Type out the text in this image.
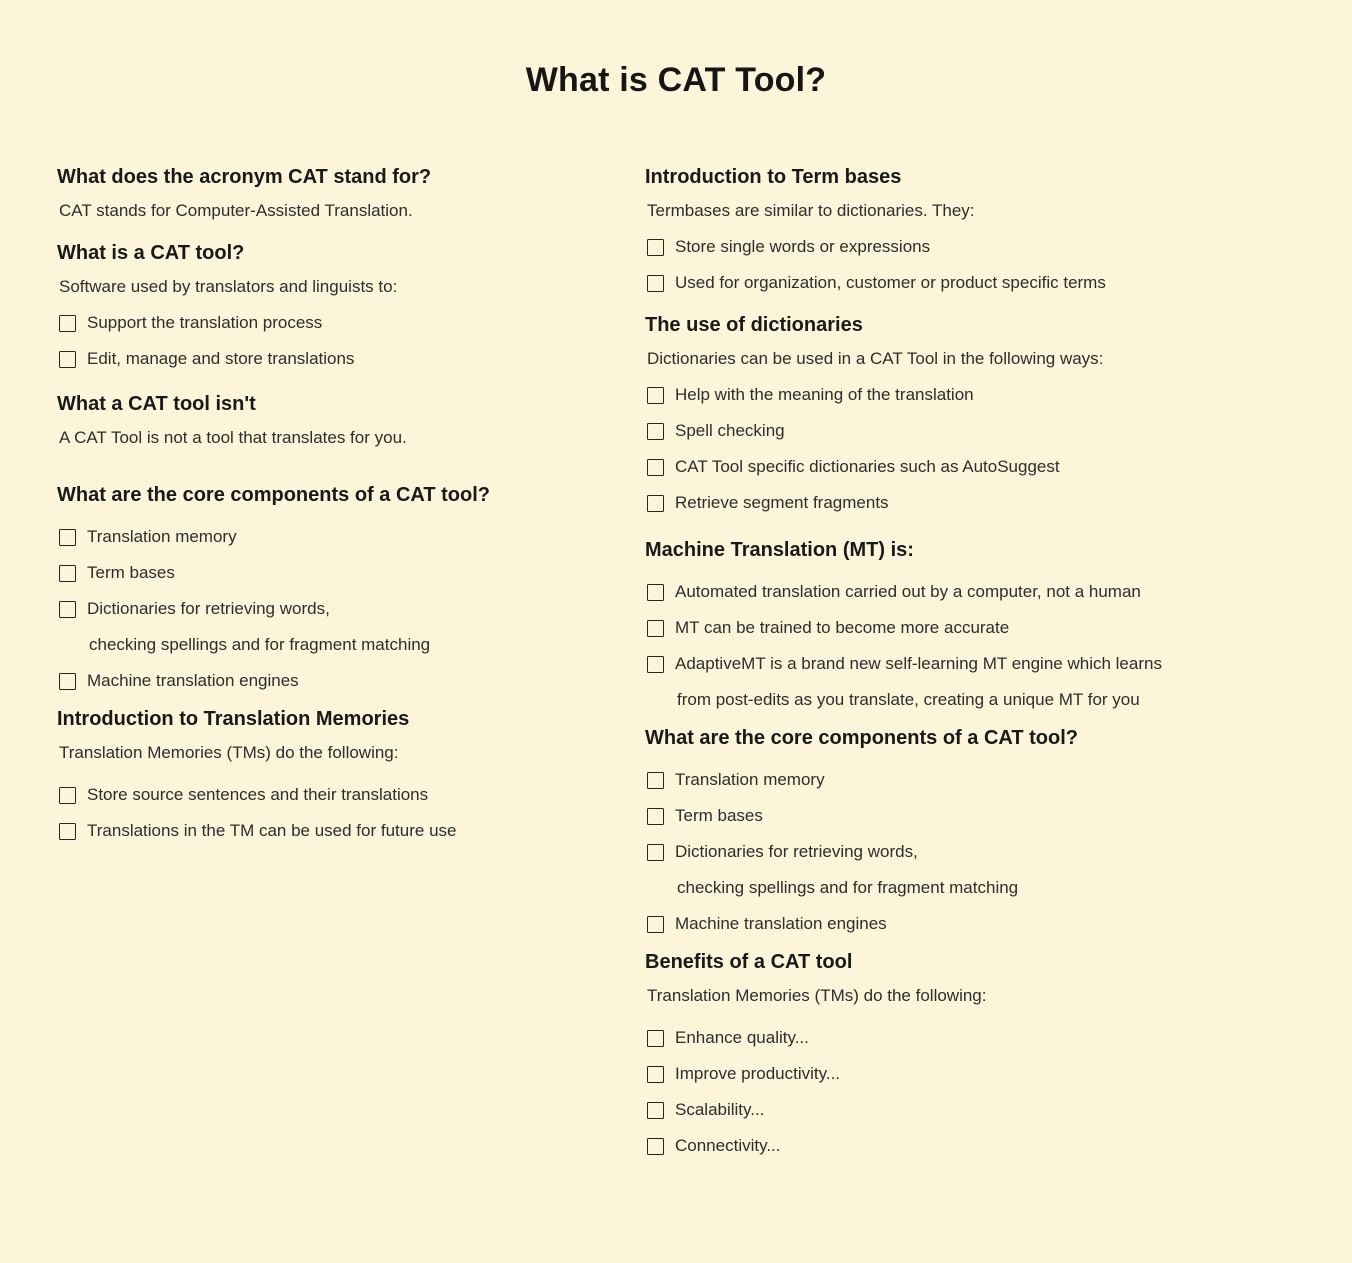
What is CAT Tool?
What does the acronym CAT stand for?

CAT stands for Computer-Assisted Translation.

What is a CAT tool?

Software used by translators and linguists to:

Support the translation process
Edit, manage and store translations
What a CAT tool isn't

A CAT Tool is not a tool that translates for you.

What are the core components of a CAT tool?
Translation memory
Term bases
Dictionaries for retrieving words,
checking spellings and for fragment matching
Machine translation engines
Introduction to Translation Memories

Translation Memories (TMs) do the following:

Store source sentences and their translations
Translations in the TM can be used for future use
Introduction to Term bases

Termbases are similar to dictionaries. They:

Store single words or expressions
Used for organization, customer or product specific terms
The use of dictionaries

Dictionaries can be used in a CAT Tool in the following ways:

Help with the meaning of the translation
Spell checking
CAT Tool specific dictionaries such as AutoSuggest
Retrieve segment fragments
Machine Translation (MT) is:
Automated translation carried out by a computer, not a human
MT can be trained to become more accurate
AdaptiveMT is a brand new self-learning MT engine which learns
from post-edits as you translate, creating a unique MT for you
What are the core components of a CAT tool?
Translation memory
Term bases
Dictionaries for retrieving words,
checking spellings and for fragment matching
Machine translation engines
Benefits of a CAT tool

Translation Memories (TMs) do the following:

Enhance quality...
Improve productivity...
Scalability...
Connectivity...
